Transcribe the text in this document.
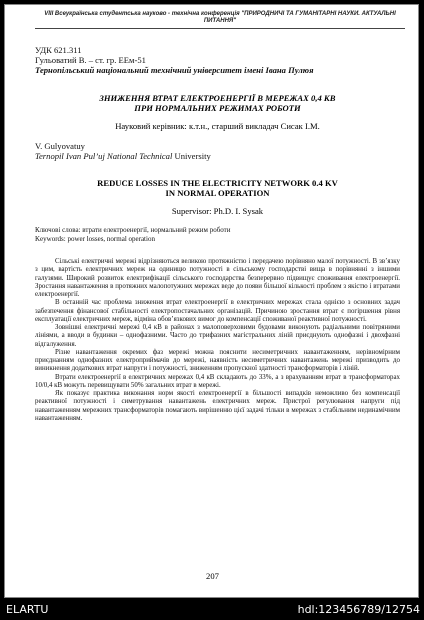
VIII Всеукраїнська студентська науково - технічна конференція "ПРИРОДНИЧІ ТА ГУМАНІТАРНІ НАУКИ. АКТУАЛЬНІ ПИТАННЯ"
УДК 621.311
Гульоватий В. – ст. гр. ЕЕм-51
Тернопільський національний технічний університет імені Івана Пулюя
ЗНИЖЕННЯ ВТРАТ ЕЛЕКТРОЕНЕРГІЇ В МЕРЕЖАХ 0,4 КВ
ПРИ НОРМАЛЬНИХ РЕЖИМАХ РОБОТИ
Науковий керівник: к.т.н., старший викладач Сисак І.М.
V. Gulyovatuy
Ternopil Ivan Pul’uj National Technical University
REDUCE LOSSES IN THE ELECTRICITY NETWORK 0.4 KV
IN NORMAL OPERATION
Supervisor: Ph.D. I. Sysak
Ключові слова: втрати електроенергії, нормальний режим роботи
Keywords: power losses, normal operation

Сільські електричні мережі відрізняються великою протяжністю і передачею порівняно малої потужності. В зв’язку з цим, вартість електричних мереж на одиницю потужності в сільському господарстві вища в порівнянні з іншими галузями. Широкий розвиток електрифікації сільського господарства безперервно підвищує споживання електроенергії. Зростання навантаження в протяжних малопотужних мережах веде до появи більшої кількості проблем з якістю і втратами електроенергії.

В останній час проблема зниження втрат електроенергії в електричних мережах стала однією з основних задач забезпечення фінансової стабільності електропостачальних організацій. Причиною зростання втрат є погіршення рівня експлуатації електричних мереж, відміна обов’язкових вимог до компенсації споживаної реактивної потужності.

Зовнішні електричні мережі 0,4 кВ в районах з малоповерховими будовами виконують радіальними повітряними лініями, а вводи в будинки – однофазними. Часто до трифазних магістральних ліній приєднують однофазні і двохфазні відгалуження.

Різне навантаження окремих фаз мережі можна пояснити несиметричних навантаженням, нерівномірним приєднанням однофазних електроприймачів до мережі, наявність несиметричних навантажень мережі призводить до виникнення додаткових втрат напруги і потужності, зниженням пропускної здатності трансформаторів і ліній.

Втрати електроенергії в електричних мережах 0,4 кВ складають до 33%, а з врахуванням втрат в трансформаторах 10/0,4 кВ можуть перевищувати 50% загальних втрат в мережі.

Як показує практика виконання норм якості електроенергії в більшості випадків неможливо без компенсації реактивної потужності і симетрування навантажень електричних мереж. Пристрої регулювання напруги під навантаженням мережних трансформаторів помагають вирішенню цієї задачі тільки в мережах з стабільним нединамічним навантаженням.

207
ELARTU	hdl:123456789/12754
